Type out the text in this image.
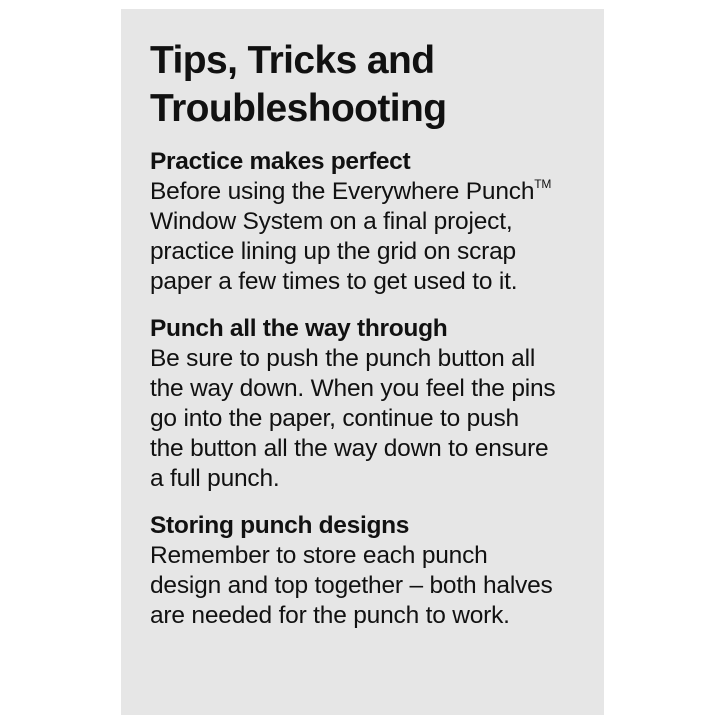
Tips, Tricks and
Troubleshooting
Practice makes perfect

Before using the Everywhere Punch™
Window System on a final project,
practice lining up the grid on scrap
paper a few times to get used to it.

Punch all the way through

Be sure to push the punch button all
the way down. When you feel the pins
go into the paper, continue to push
the button all the way down to ensure
a full punch.

Storing punch designs

Remember to store each punch
design and top together – both halves
are needed for the punch to work.
